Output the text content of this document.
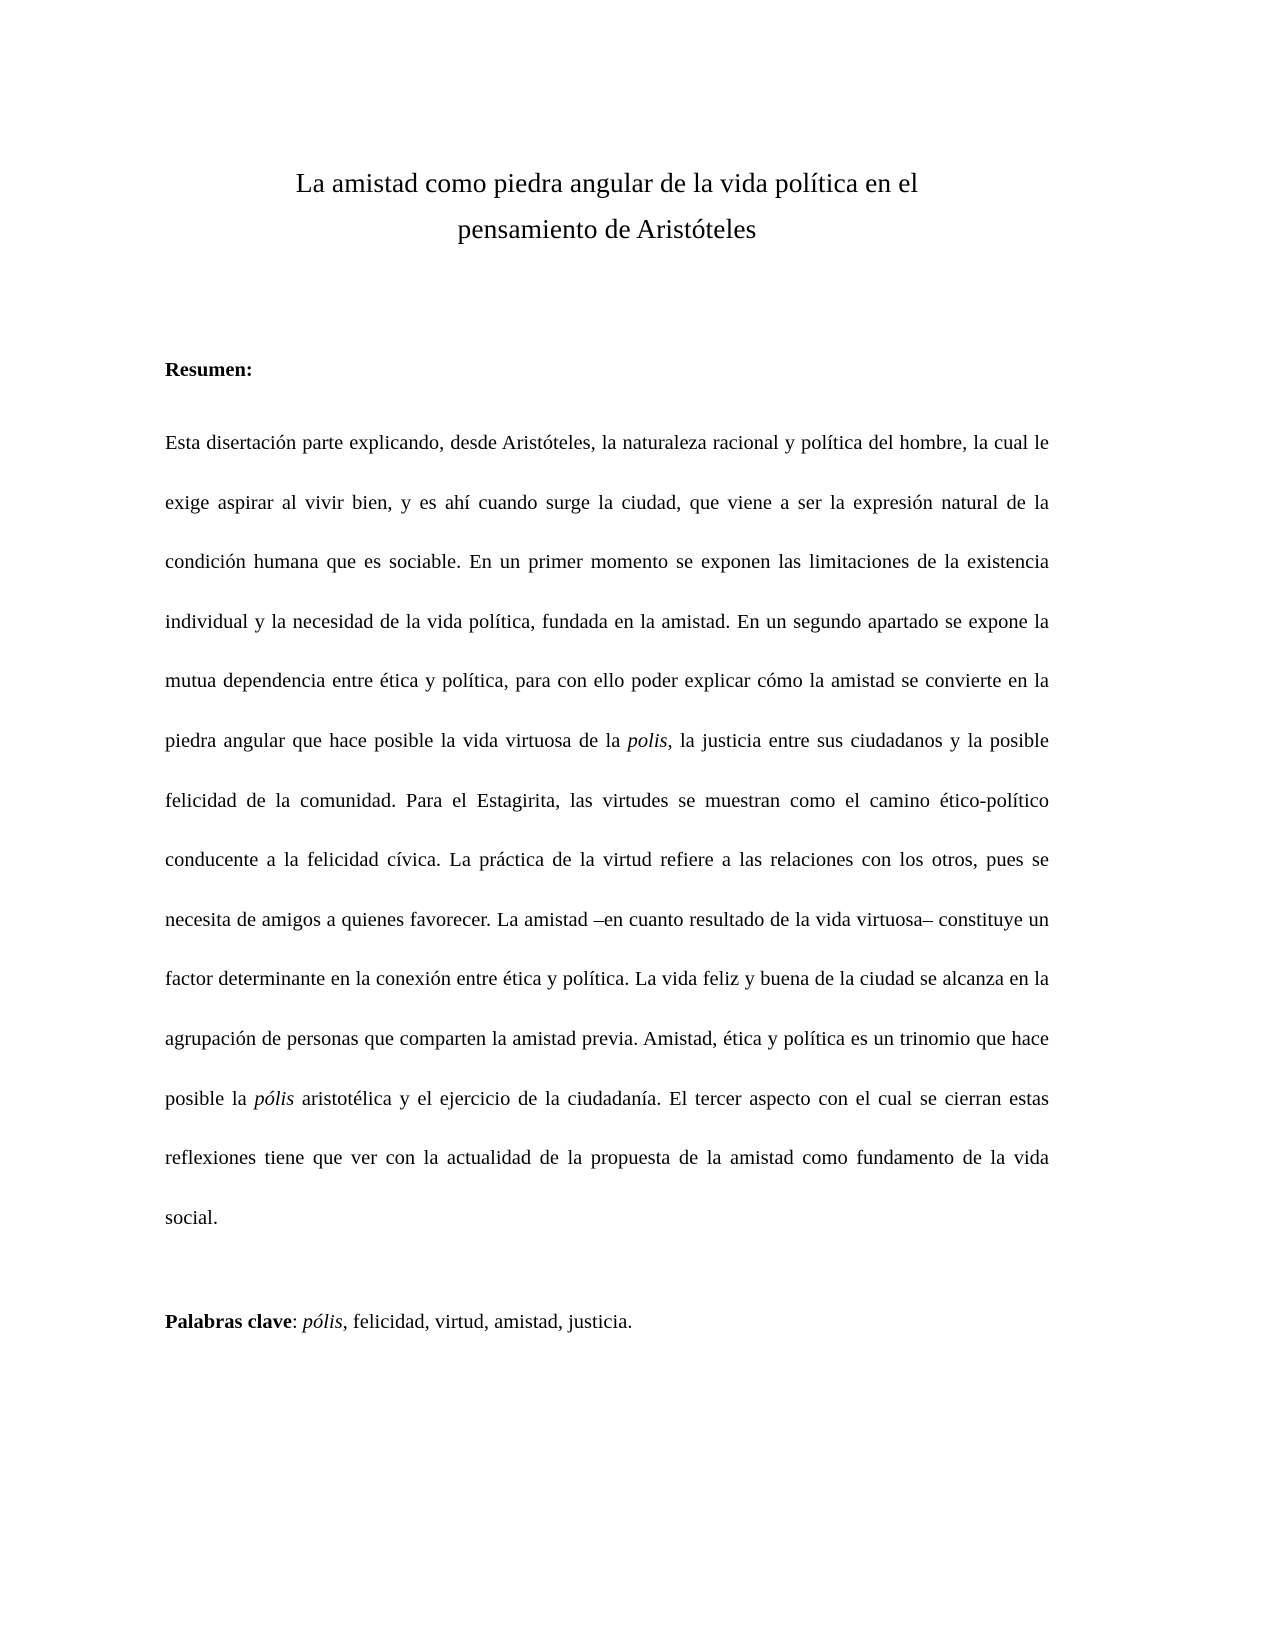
La amistad como piedra angular de la vida política en el
pensamiento de Aristóteles

Resumen:

Esta disertación parte explicando, desde Aristóteles, la naturaleza racional y política del hombre, la cual le exige aspirar al vivir bien, y es ahí cuando surge la ciudad, que viene a ser la expresión natural de la condición humana que es sociable. En un primer momento se exponen las limitaciones de la existencia individual y la necesidad de la vida política, fundada en la amistad. En un segundo apartado se expone la mutua dependencia entre ética y política, para con ello poder explicar cómo la amistad se convierte en la piedra angular que hace posible la vida virtuosa de la polis, la justicia entre sus ciudadanos y la posible felicidad de la comunidad. Para el Estagirita, las virtudes se muestran como el camino ético-político conducente a la felicidad cívica. La práctica de la virtud refiere a las relaciones con los otros, pues se necesita de amigos a quienes favorecer. La amistad –en cuanto resultado de la vida virtuosa– constituye un factor determinante en la conexión entre ética y política. La vida feliz y buena de la ciudad se alcanza en la agrupación de personas que comparten la amistad previa. Amistad, ética y política es un trinomio que hace posible la pólis aristotélica y el ejercicio de la ciudadanía. El tercer aspecto con el cual se cierran estas reflexiones tiene que ver con la actualidad de la propuesta de la amistad como fundamento de la vida social.

Palabras clave: pólis, felicidad, virtud, amistad, justicia.
